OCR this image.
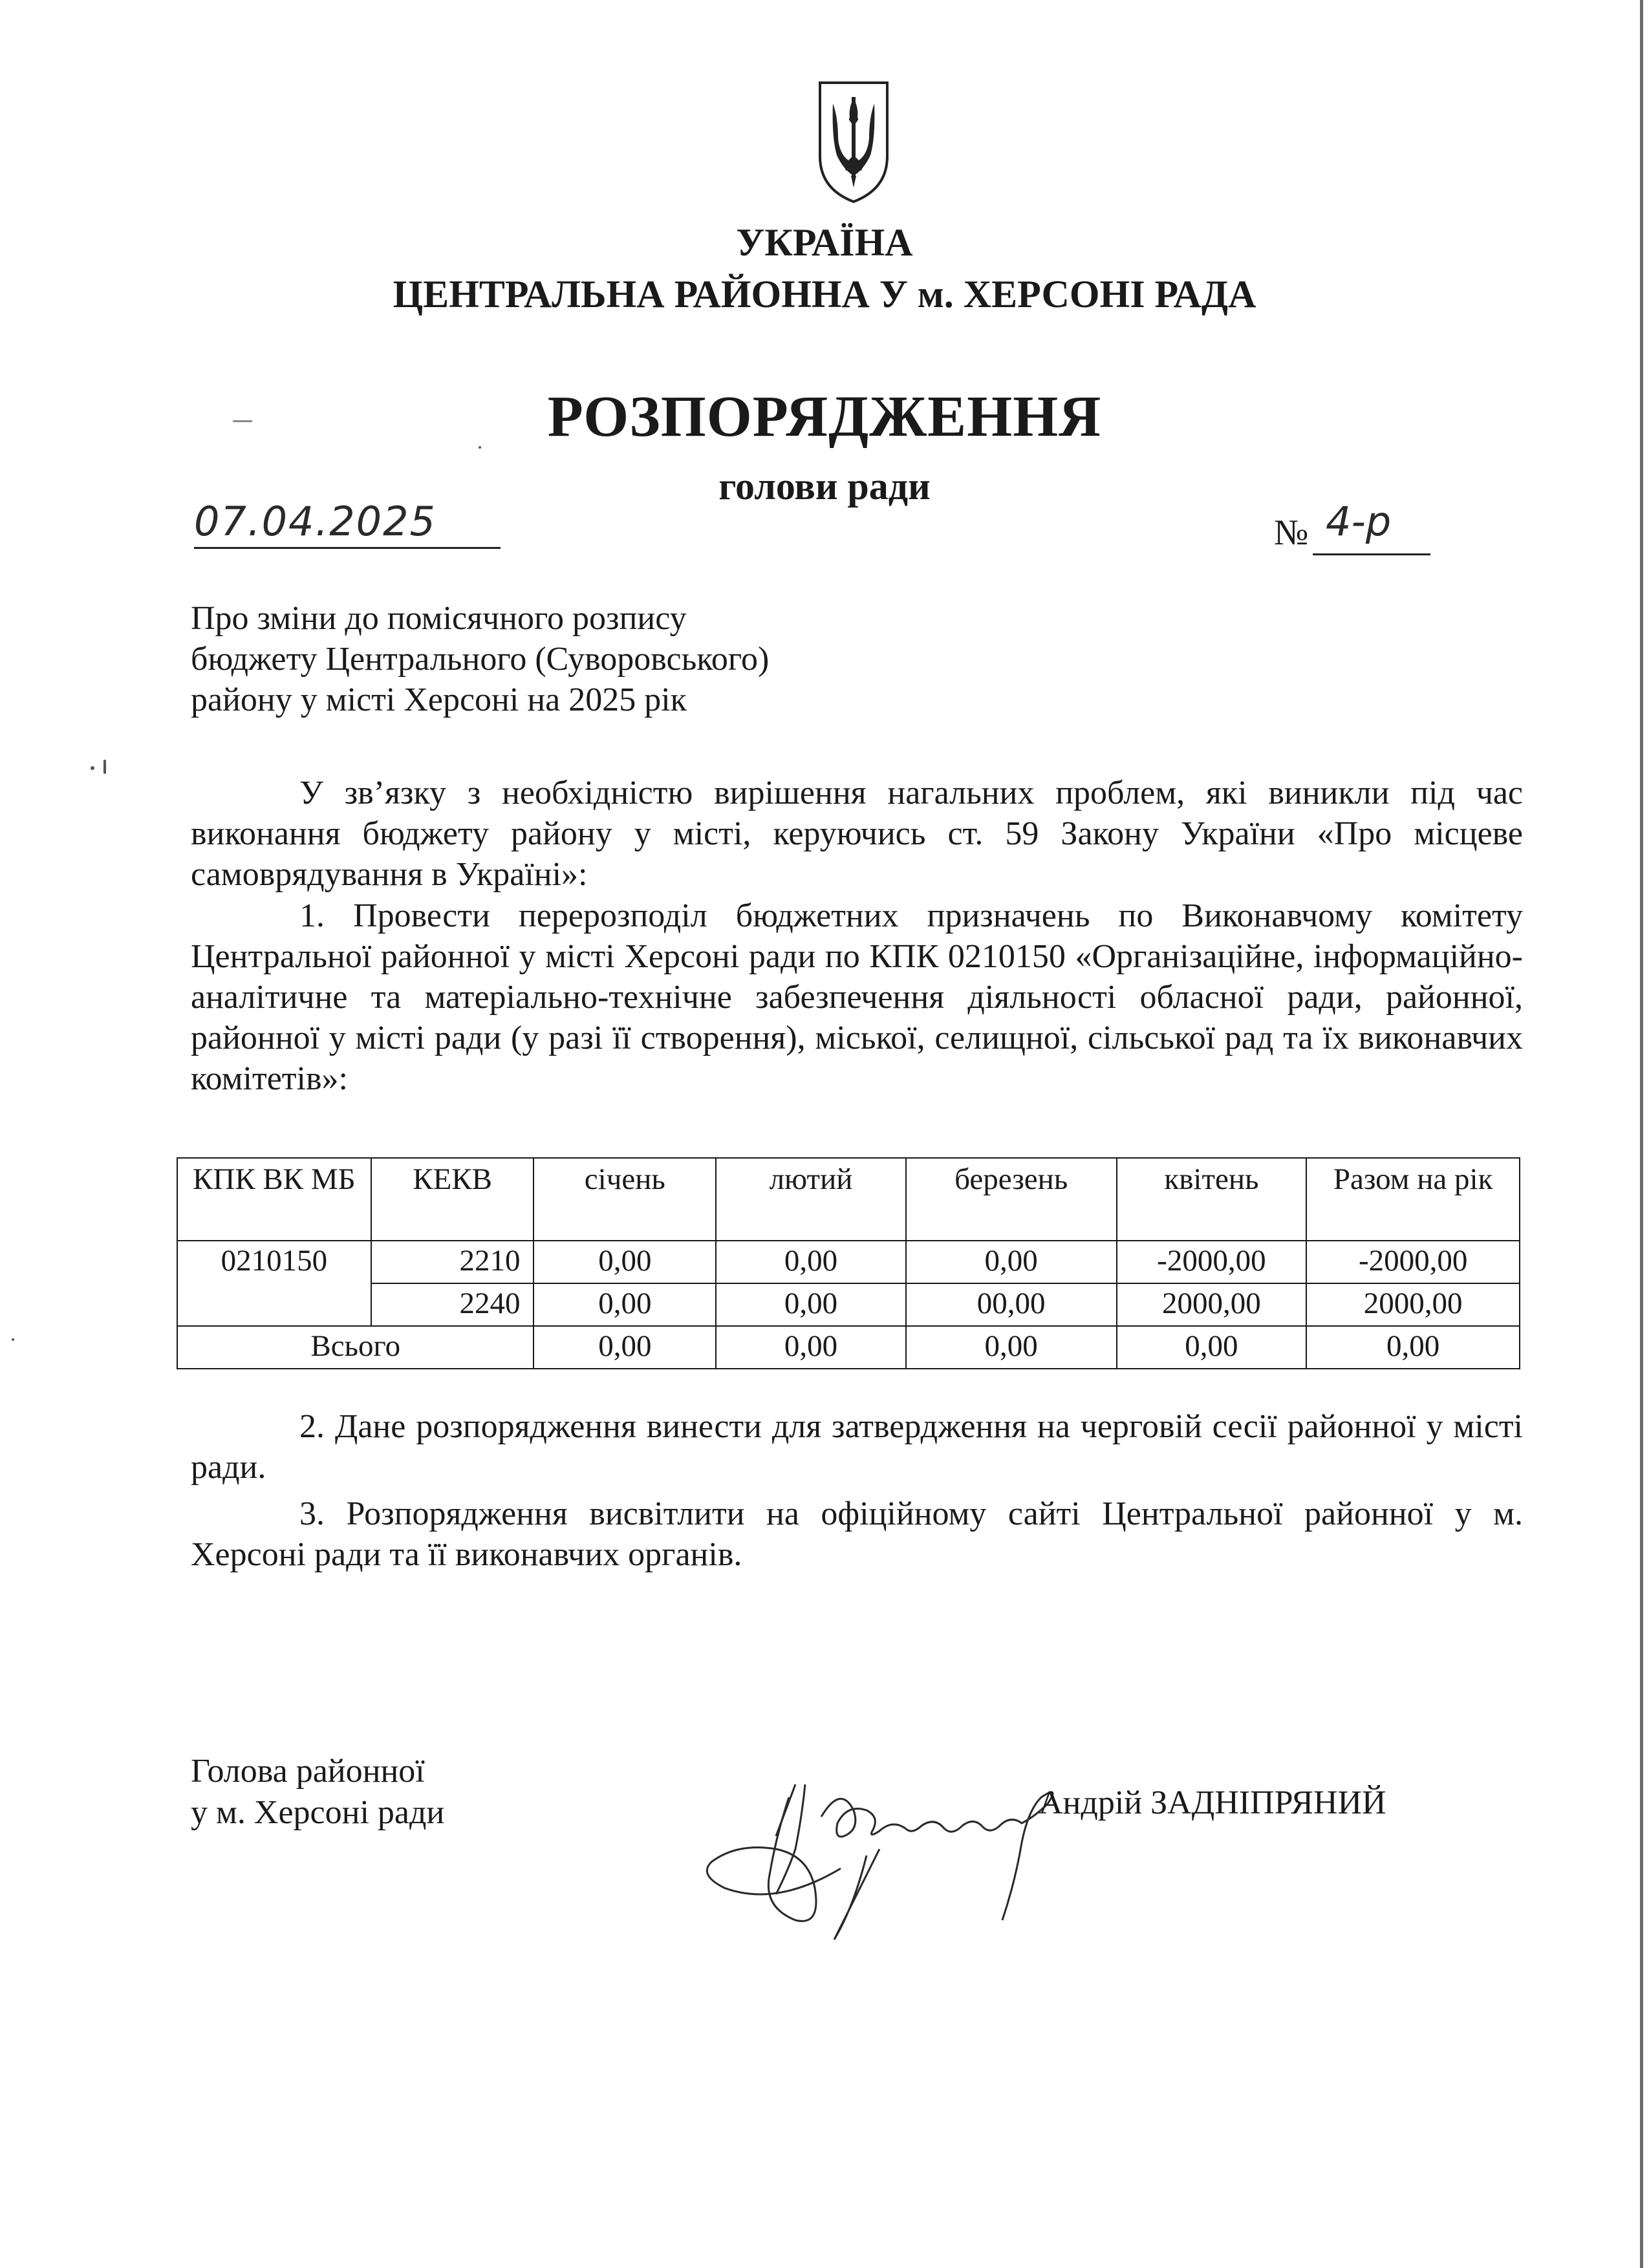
УКРАЇНА
ЦЕНТРАЛЬНА РАЙОННА У м. ХЕРСОНІ РАДА
РОЗПОРЯДЖЕННЯ
голови ради
07.04.2025	№ 4-р
Про зміни до помісячного розпису
бюджету Центрального (Суворовського)
району у місті Херсоні на 2025 рік
У зв’язку з необхідністю вирішення нагальних проблем, які виникли під час виконання бюджету району у місті, керуючись ст. 59 Закону України «Про місцеве самоврядування в Україні»:
1. Провести перерозподіл бюджетних призначень по Виконавчому комітету Центральної районної у місті Херсоні ради по КПК 0210150 «Організаційне, інформаційно-аналітичне та матеріально-технічне забезпечення діяльності обласної ради, районної, районної у місті ради (у разі її створення), міської, селищної, сільської рад та їх виконавчих комітетів»:
КПК ВК МБ	КЕКВ	січень	лютий	березень	квітень	Разом на рік
0210150	2210	0,00	0,00	0,00	-2000,00	-2000,00
	2240	0,00	0,00	00,00	2000,00	2000,00
Всього		0,00	0,00	0,00	0,00	0,00
2. Дане розпорядження винести для затвердження на черговій сесії районної у місті ради.
3. Розпорядження висвітлити на офіційному сайті Центральної районної у м. Херсоні ради та її виконавчих органів.
Голова районної
у м. Херсоні ради	Андрій ЗАДНІПРЯНИЙ
